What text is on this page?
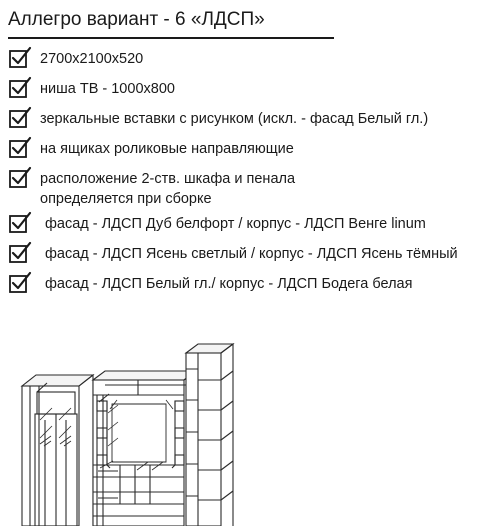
Аллегро вариант - 6 «ЛДСП»
2700x2100x520
ниша ТВ - 1000x800
зеркальные вставки с рисунком (искл. - фасад Белый гл.)
на ящиках роликовые направляющие
расположение 2-ств. шкафа и пенала
определяется при сборке
фасад - ЛДСП Дуб белфорт / корпус - ЛДСП Венге linum
фасад - ЛДСП Ясень светлый / корпус - ЛДСП Ясень тёмный
фасад - ЛДСП Белый гл./ корпус - ЛДСП Бодега белая
